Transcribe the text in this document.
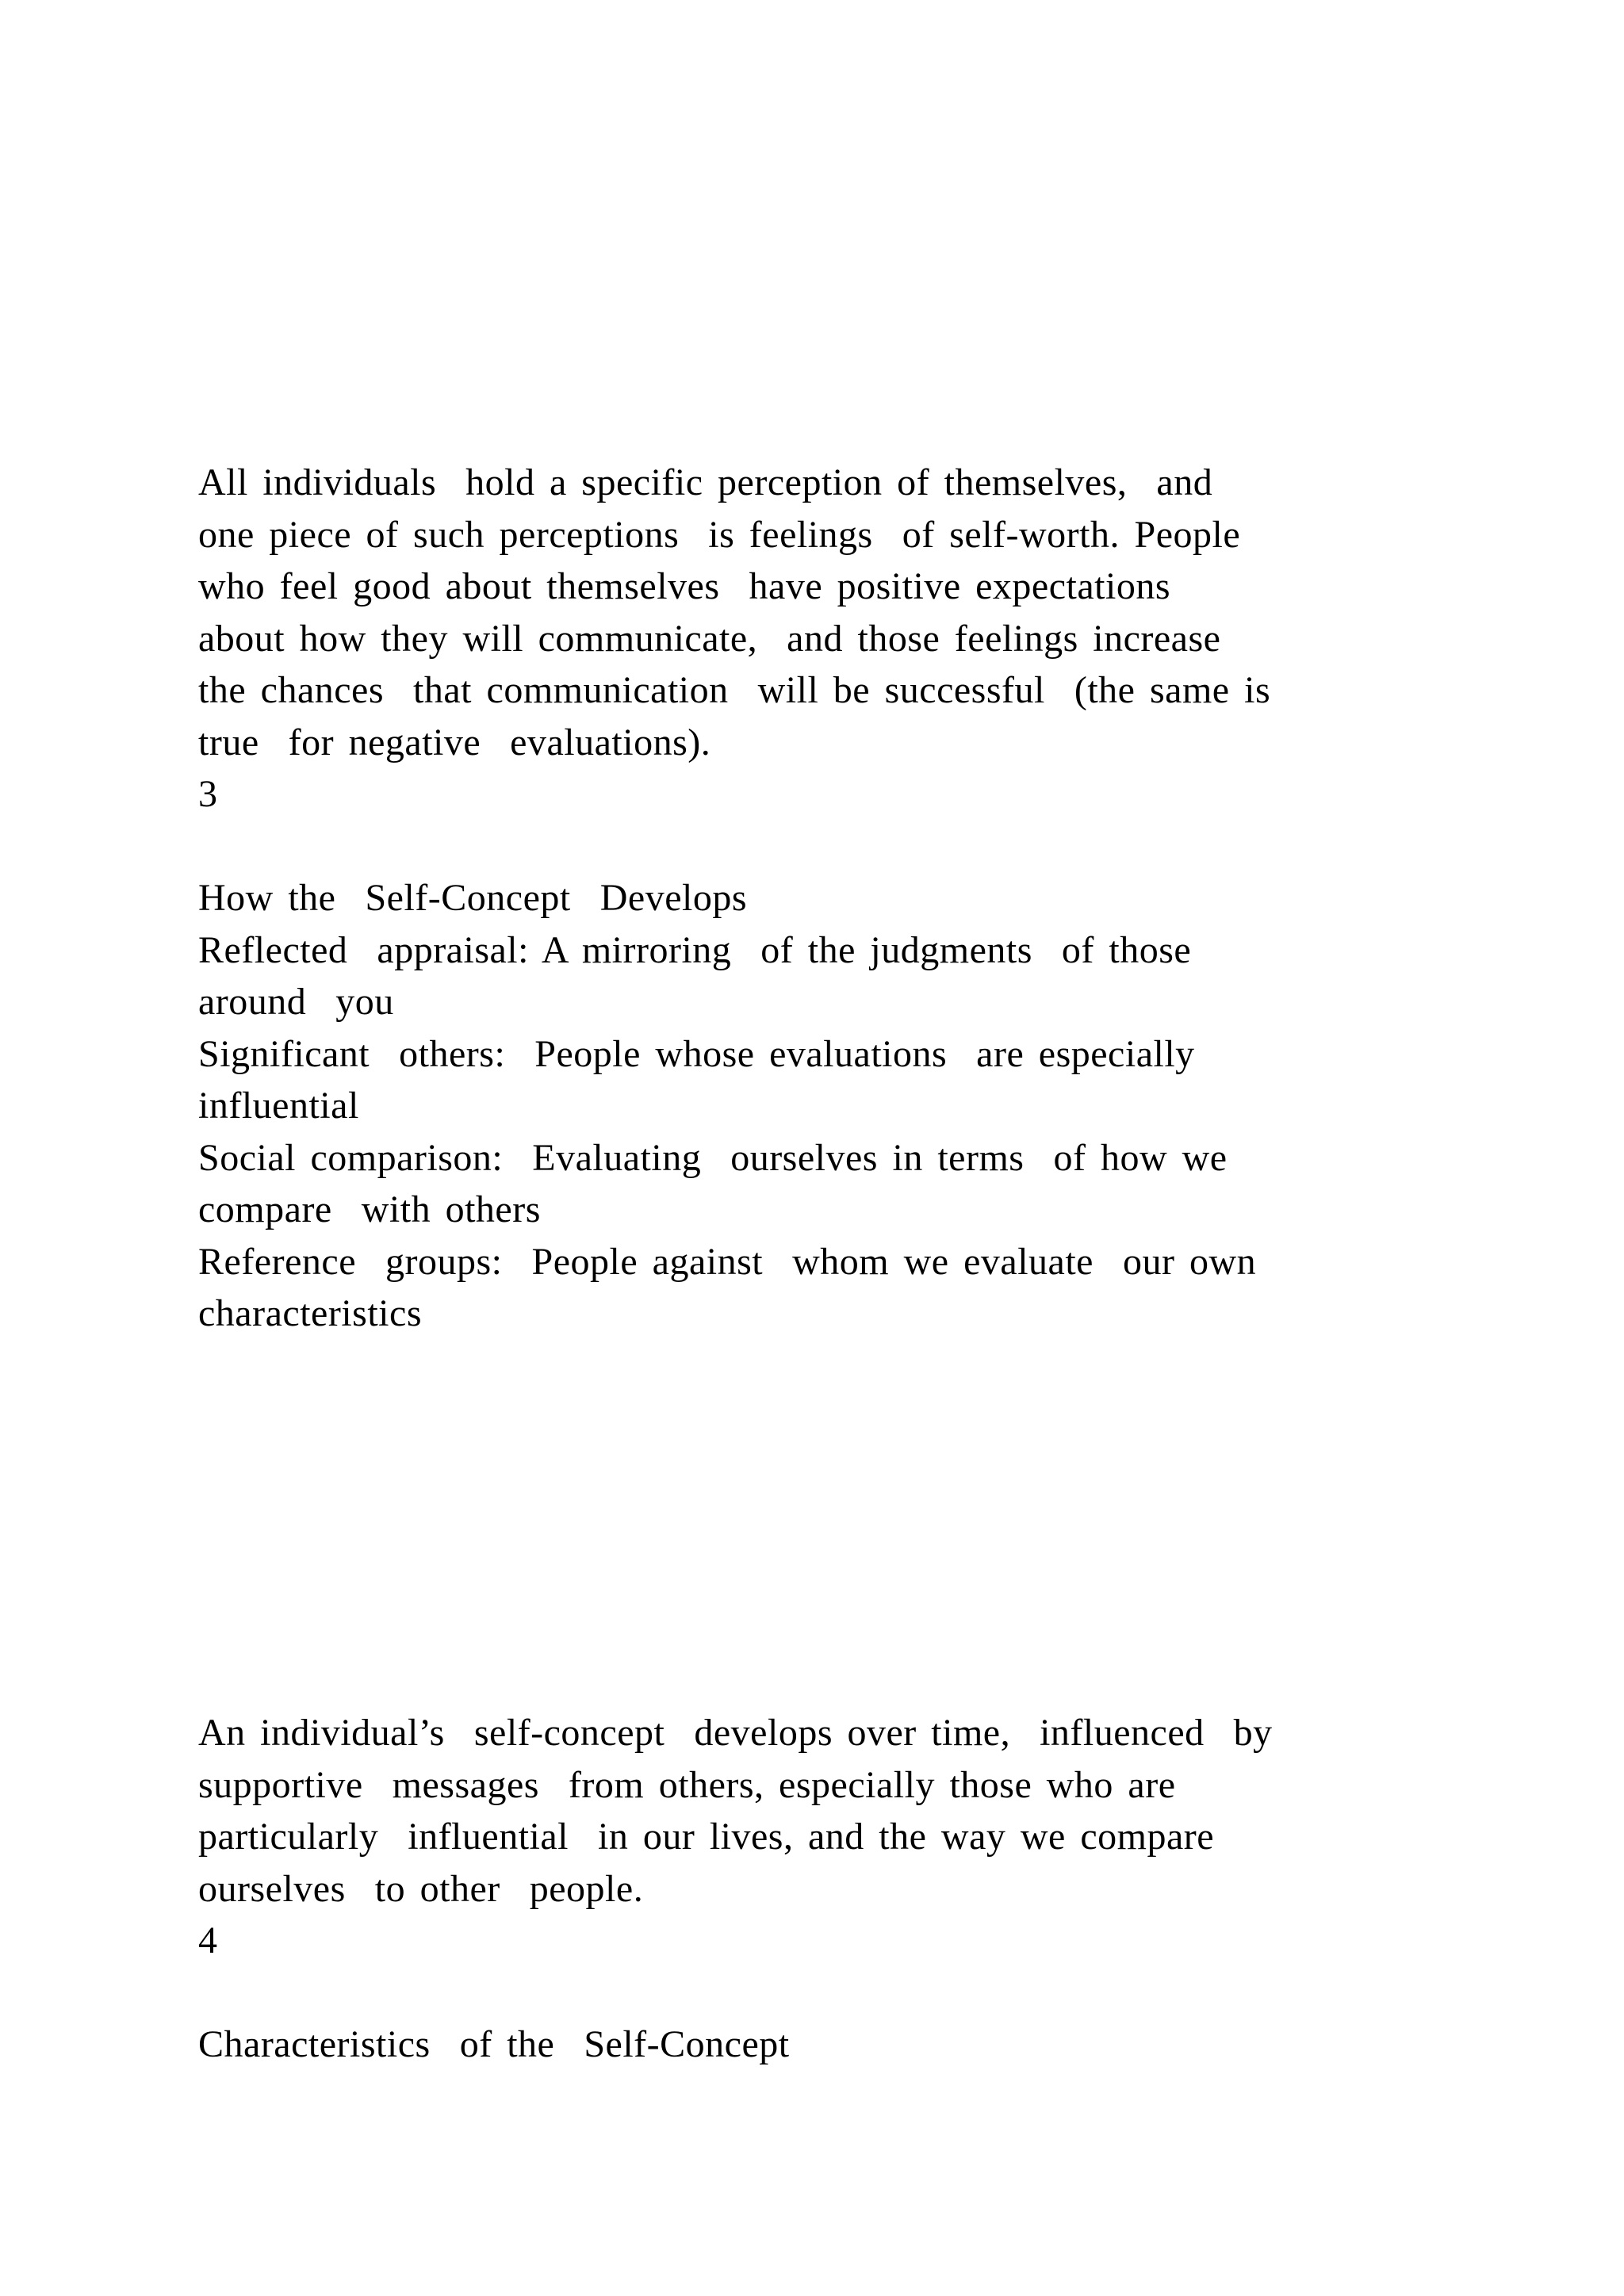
All individuals  hold a specific perception of themselves,  and
one piece of such perceptions  is feelings  of self-worth. People
who feel good about themselves  have positive expectations
about how they will communicate,  and those feelings increase
the chances  that communication  will be successful  (the same is
true  for negative  evaluations).
3
How the  Self-Concept  Develops
Reflected  appraisal: A mirroring  of the judgments  of those
around  you
Significant  others:  People whose evaluations  are especially
influential
Social comparison:  Evaluating  ourselves in terms  of how we
compare  with others
Reference  groups:  People against  whom we evaluate  our own
characteristics
An individual’s  self-concept  develops over time,  influenced  by
supportive  messages  from others, especially those who are
particularly  influential  in our lives, and the way we compare
ourselves  to other  people.
4
Characteristics  of the  Self-Concept
